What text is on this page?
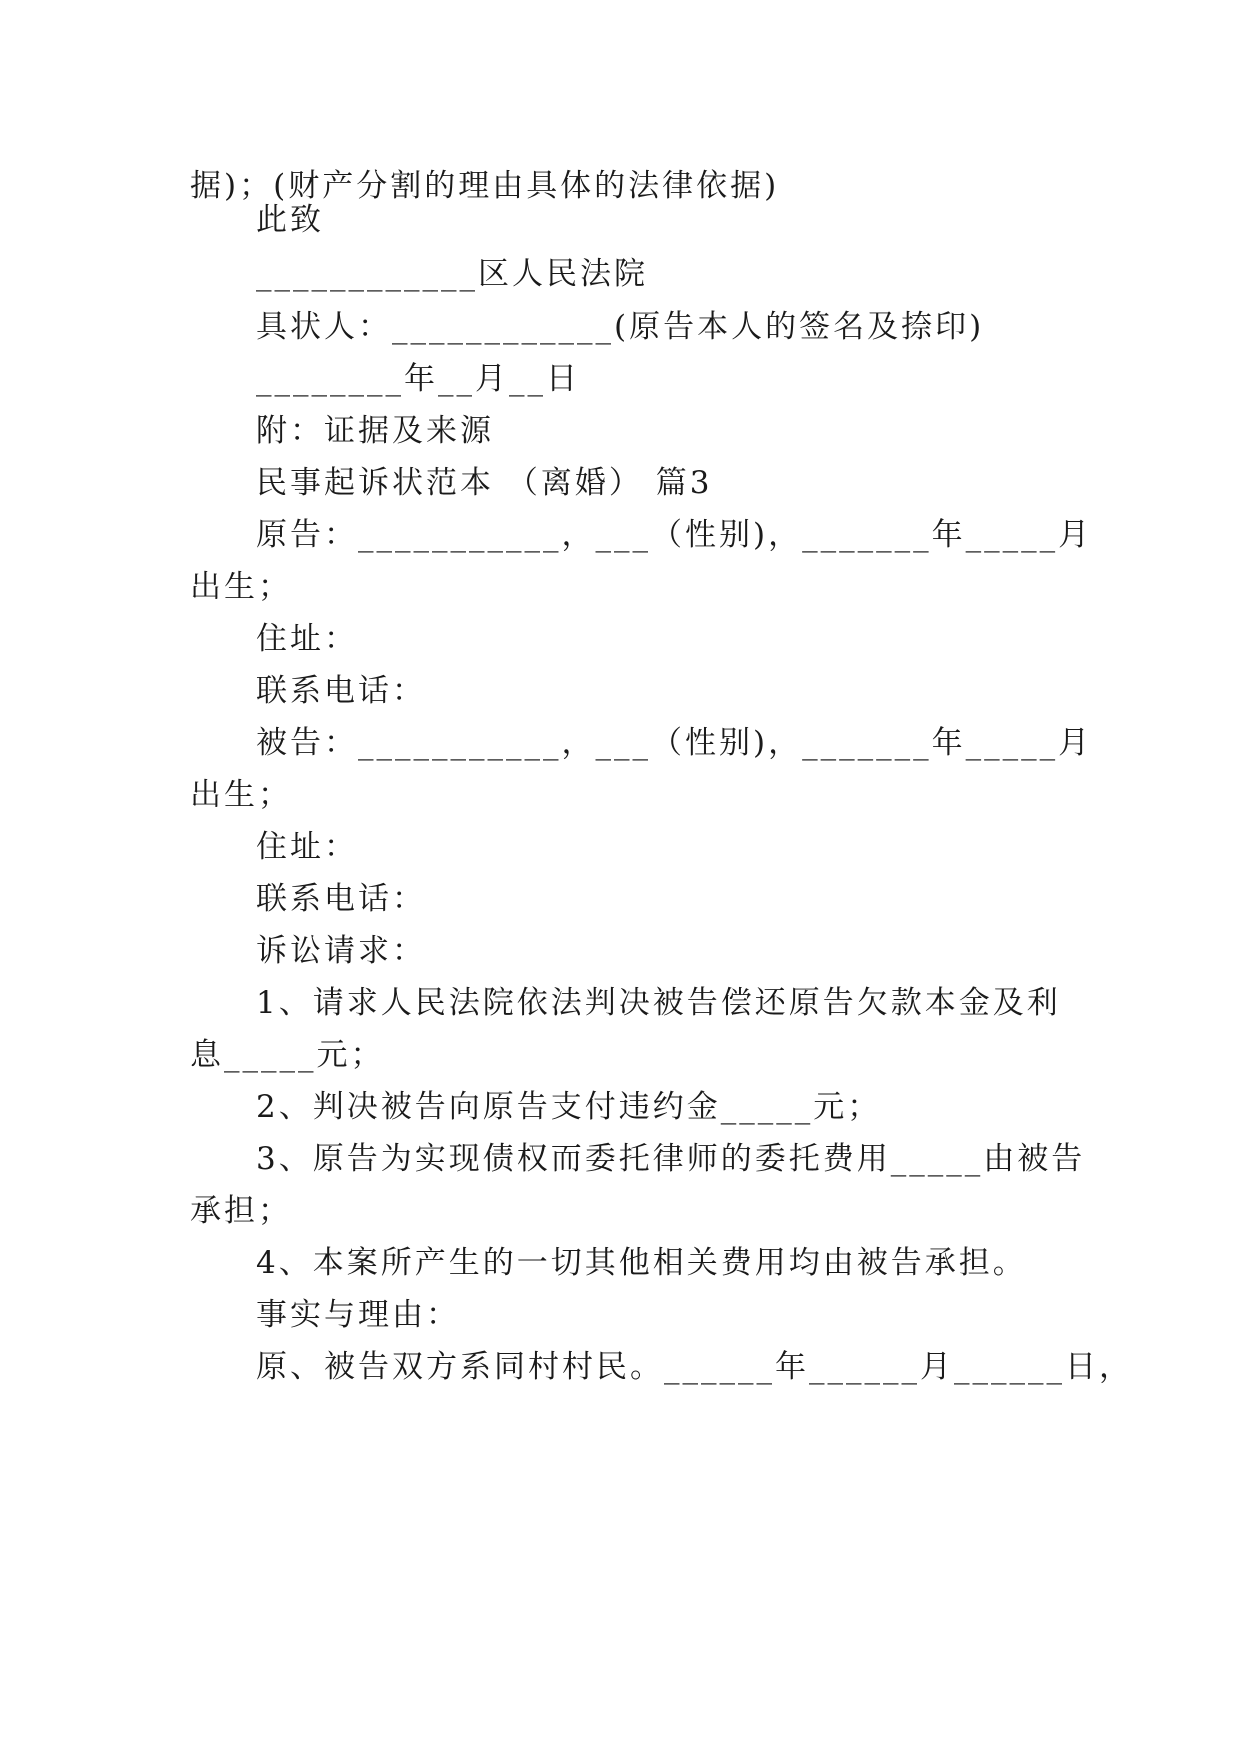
据)；(财产分割的理由具体的法律依据)
此致
____________区人民法院
具状人：____________(原告本人的签名及捺印)
________年__月__日
附：证据及来源
民事起诉状范本 （离婚） 篇3
原告：___________，___（性别)，_______年_____月
出生；
住址：
联系电话：
被告：___________，___（性别)，_______年_____月
出生；
住址：
联系电话：
诉讼请求：
1、请求人民法院依法判决被告偿还原告欠款本金及利
息_____元；
2、判决被告向原告支付违约金_____元；
3、原告为实现债权而委托律师的委托费用_____由被告
承担；
4、本案所产生的一切其他相关费用均由被告承担。
事实与理由：
原、被告双方系同村村民。______年______月______日，
